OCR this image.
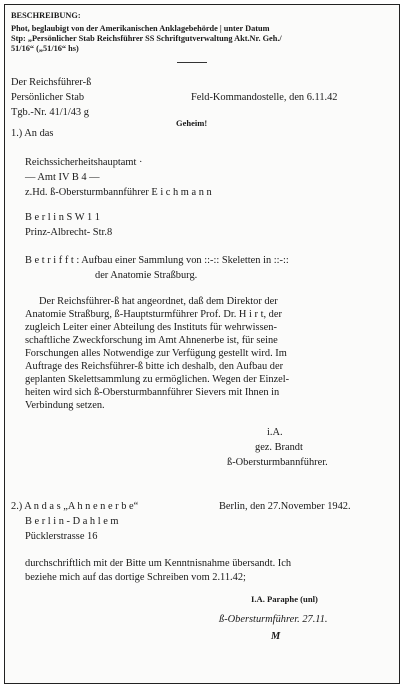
BESCHREIBUNG:
Phot, beglaubigt von der Amerikanischen Anklagebehörde | unter Datum
Stp: „Persönlicher Stab Reichsführer SS Schriftgutverwaltung Akt.Nr. Geh./
51/16“ („51/16“ hs)
Der Reichsführer-ß
Persönlicher Stab	Feld-Kommandostelle, den 6.11.42
Tgb.-Nr. 41/1/43 g
Geheim!
1.) An das
Reichssicherheitshauptamt ·
— Amt IV B 4 —
z.Hd. ß-Obersturmbannführer E i c h m a n n
B e r l i n S W 1 1
Prinz-Albrecht- Str.8
B e t r i f f t : Aufbau einer Sammlung von ::-:: Skeletten in ::-::
der Anatomie Straßburg.
Der Reichsführer-ß hat angeordnet, daß dem Direktor der
Anatomie Straßburg, ß-Hauptsturmführer Prof. Dr. H i r t, der
zugleich Leiter einer Abteilung des Instituts für wehrwissen-
schaftliche Zweckforschung im Amt Ahnenerbe ist, für seine
Forschungen alles Notwendige zur Verfügung gestellt wird. Im
Auftrage des Reichsführer-ß bitte ich deshalb, den Aufbau der
geplanten Skelettsammlung zu ermöglichen. Wegen der Einzel-
heiten wird sich ß-Obersturmbannführer Sievers mit Ihnen in
Verbindung setzen.
i.A.
gez. Brandt
ß-Obersturmbannführer.
2.) A n d a s „A h n e n e r b e“	Berlin, den 27.November 1942.
B e r l i n - D a h l e m
Pücklerstrasse 16
durchschriftlich mit der Bitte um Kenntnisnahme übersandt. Ich
beziehe mich auf das dortige Schreiben vom 2.11.42;
I.A. Paraphe (unl)
ß-Obersturmführer. 27.11.
M
